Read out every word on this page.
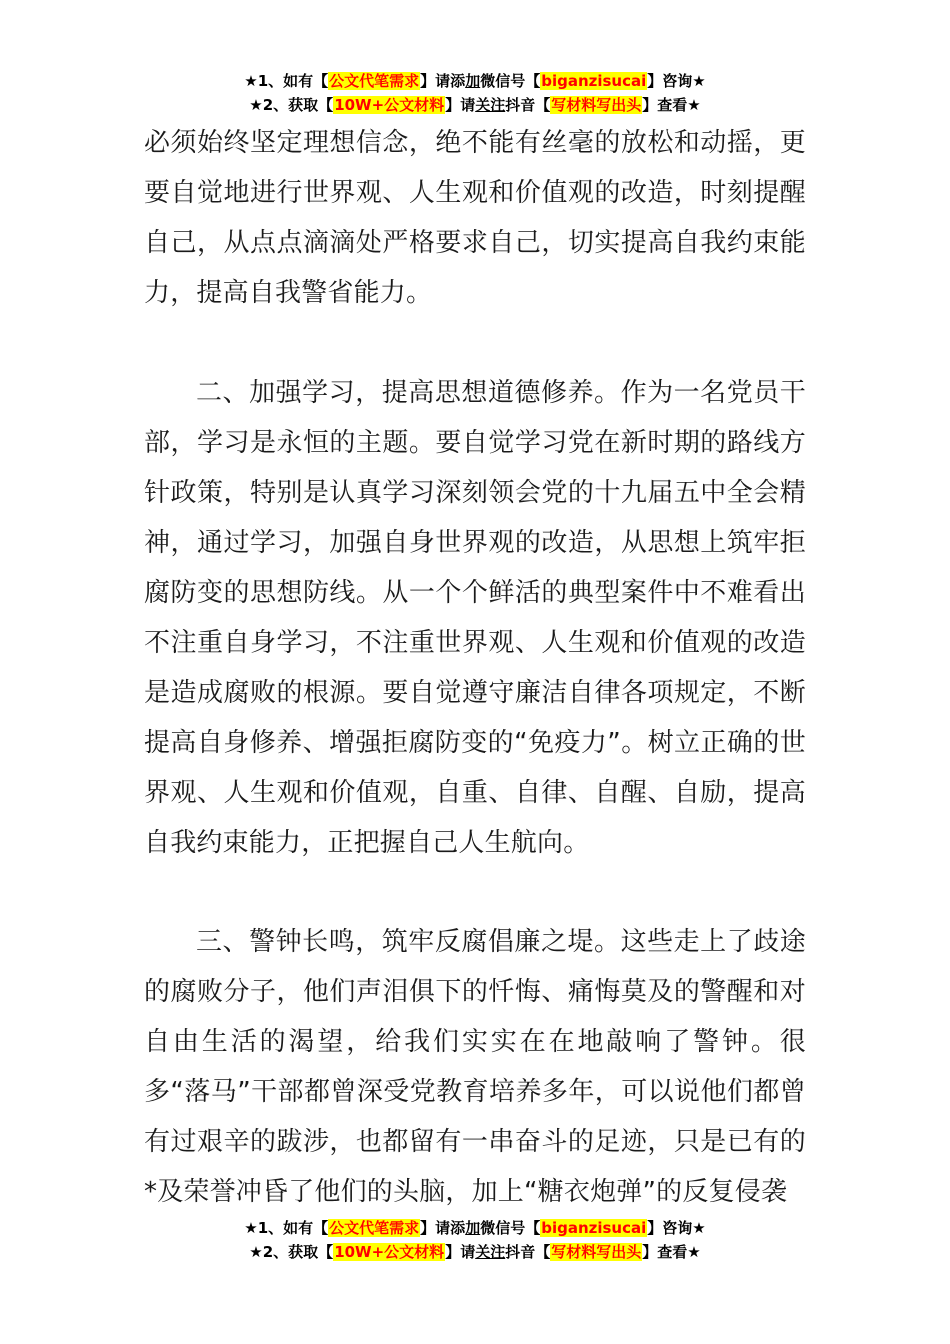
★1、如有【公文代笔需求】请添加微信号【biganzisucai】咨询★
★2、获取【10W+公文材料】请关注抖音【写材料写出头】查看★

必须始终坚定理想信念，绝不能有丝毫的放松和动摇，更要自觉地进行世界观、人生观和价值观的改造，时刻提醒自己，从点点滴滴处严格要求自己，切实提高自我约束能力，提高自我警省能力。

二、加强学习，提高思想道德修养。作为一名党员干部，学习是永恒的主题。要自觉学习党在新时期的路线方针政策，特别是认真学习深刻领会党的十九届五中全会精神，通过学习，加强自身世界观的改造，从思想上筑牢拒腐防变的思想防线。从一个个鲜活的典型案件中不难看出不注重自身学习，不注重世界观、人生观和价值观的改造是造成腐败的根源。要自觉遵守廉洁自律各项规定，不断提高自身修养、增强拒腐防变的“免疫力”。树立正确的世界观、人生观和价值观，自重、自律、自醒、自励，提高自我约束能力，正把握自己人生航向。

三、警钟长鸣，筑牢反腐倡廉之堤。这些走上了歧途的腐败分子，他们声泪俱下的忏悔、痛悔莫及的警醒和对自由生活的渴望，给我们实实在在地敲响了警钟。很多“落马”干部都曾深受党教育培养多年，可以说他们都曾有过艰辛的跋涉，也都留有一串奋斗的足迹，只是已有的*及荣誉冲昏了他们的头脑，加上“糖衣炮弹”的反复侵袭

★1、如有【公文代笔需求】请添加微信号【biganzisucai】咨询★
★2、获取【10W+公文材料】请关注抖音【写材料写出头】查看★
